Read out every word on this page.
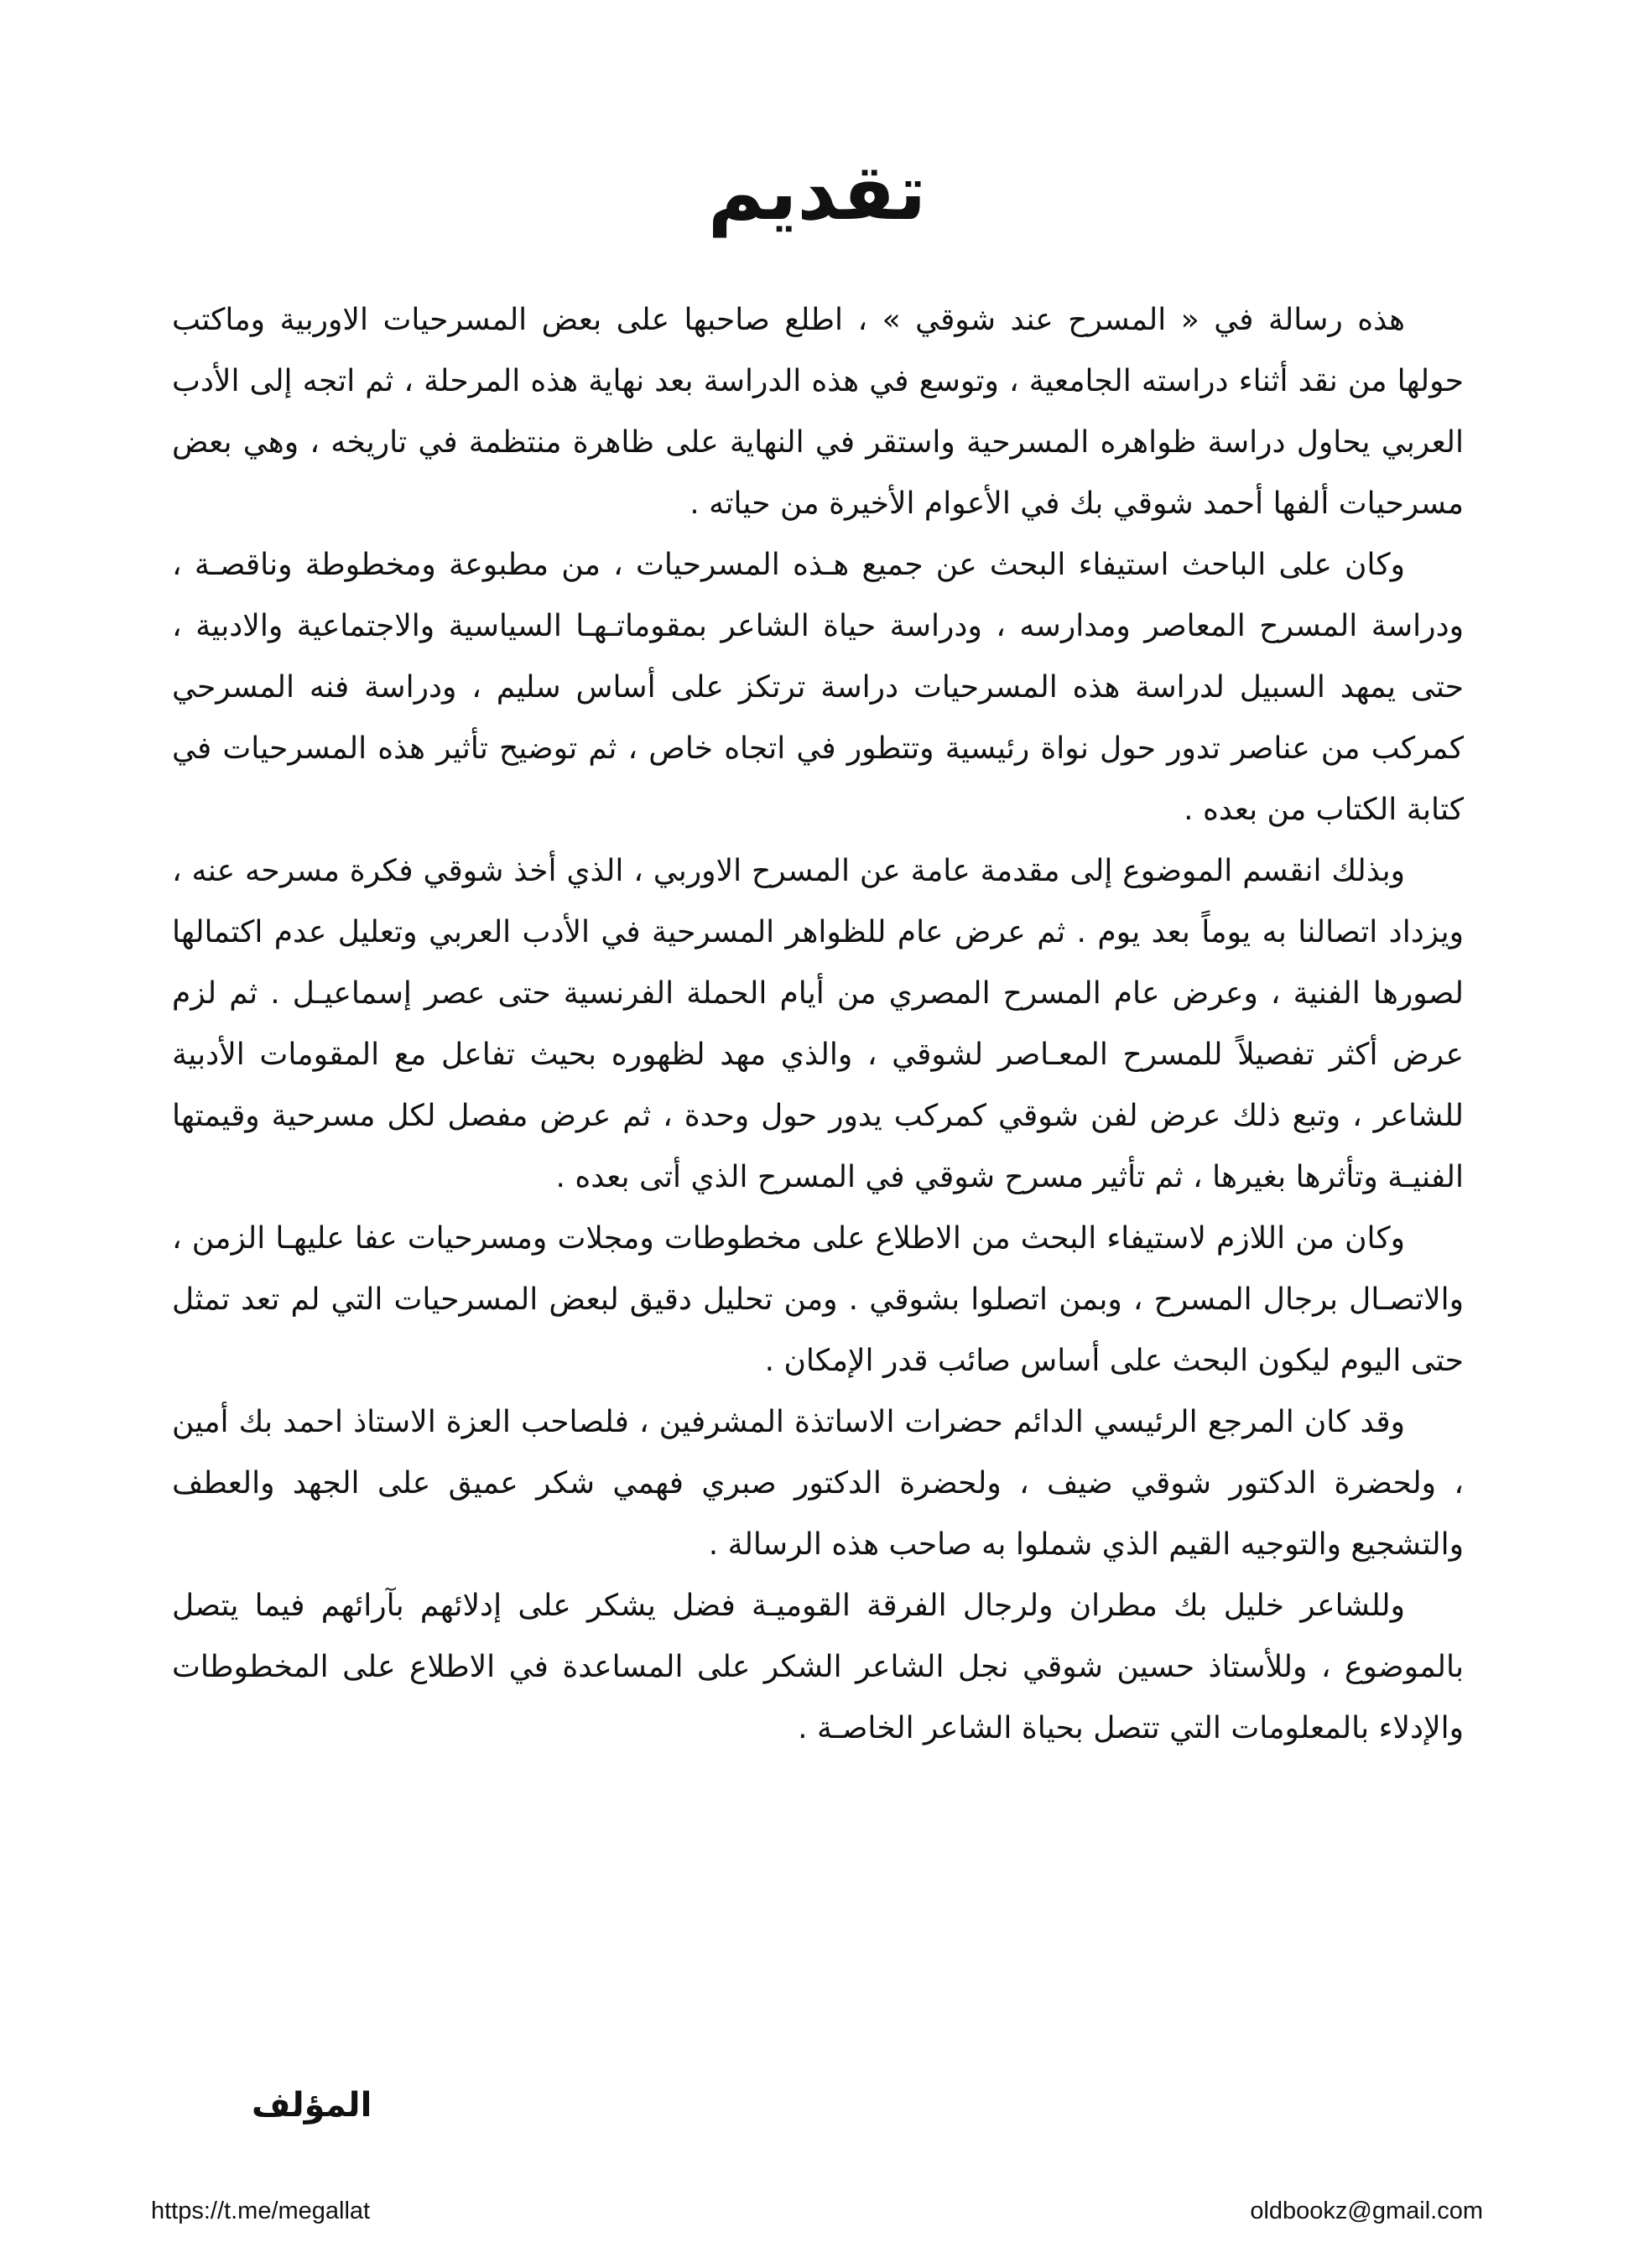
تقديم

هذه رسالة في « المسرح عند شوقي » ، اطلع صاحبها على بعض المسرحيات الاوربية وماكتب حولها من نقد أثناء دراسته الجامعية ، وتوسع في هذه الدراسة بعد نهاية هذه المرحلة ، ثم اتجه إلى الأدب العربي يحاول دراسة ظواهره المسرحية واستقر في النهاية على ظاهرة منتظمة في تاريخه ، وهي بعض مسرحيات ألفها أحمد شوقي بك في الأعوام الأخيرة من حياته .

وكان على الباحث استيفاء البحث عن جميع هـذه المسرحيات ، من مطبوعة ومخطوطة وناقصـة ، ودراسة المسرح المعاصر ومدارسه ، ودراسة حياة الشاعر بمقوماتـهـا السياسية والاجتماعية والادبية ، حتى يمهد السبيل لدراسة هذه المسرحيات دراسة ترتكز على أساس سليم ، ودراسة فنه المسرحي كمركب من عناصر تدور حول نواة رئيسية وتتطور في اتجاه خاص ، ثم توضيح تأثير هذه المسرحيات في كتابة الكتاب من بعده .

وبذلك انقسم الموضوع إلى مقدمة عامة عن المسرح الاوربي ، الذي أخذ شوقي فكرة مسرحه عنه ، ويزداد اتصالنا به يوماً بعد يوم . ثم عرض عام للظواهر المسرحية في الأدب العربي وتعليل عدم اكتمالها لصورها الفنية ، وعرض عام المسرح المصري من أيام الحملة الفرنسية حتى عصر إسماعيـل . ثم لزم عرض أكثر تفصيلاً للمسرح المعـاصر لشوقي ، والذي مهد لظهوره بحيث تفاعل مع المقومات الأدبية للشاعر ، وتبع ذلك عرض لفن شوقي كمركب يدور حول وحدة ، ثم عرض مفصل لكل مسرحية وقيمتها الفنيـة وتأثرها بغيرها ، ثم تأثير مسرح شوقي في المسرح الذي أتى بعده .

وكان من اللازم لاستيفاء البحث من الاطلاع على مخطوطات ومجلات ومسرحيات عفا عليهـا الزمن ، والاتصـال برجال المسرح ، وبمن اتصلوا بشوقي . ومن تحليل دقيق لبعض المسرحيات التي لم تعد تمثل حتى اليوم ليكون البحث على أساس صائب قدر الإمكان .

وقد كان المرجع الرئيسي الدائم حضرات الاساتذة المشرفين ، فلصاحب العزة الاستاذ احمد بك أمين ، ولحضرة الدكتور شوقي ضيف ، ولحضرة الدكتور صبري فهمي شكر عميق على الجهد والعطف والتشجيع والتوجيه القيم الذي شملوا به صاحب هذه الرسالة .

وللشاعر خليل بك مطران ولرجال الفرقة القوميـة فضل يشكر على إدلائهم بآرائهم فيما يتصل بالموضوع ، وللأستاذ حسين شوقي نجل الشاعر الشكر على المساعدة في الاطلاع على المخطوطات والإدلاء بالمعلومات التي تتصل بحياة الشاعر الخاصـة .

المؤلف
https://t.me/megallat	oldbookz@gmail.com
